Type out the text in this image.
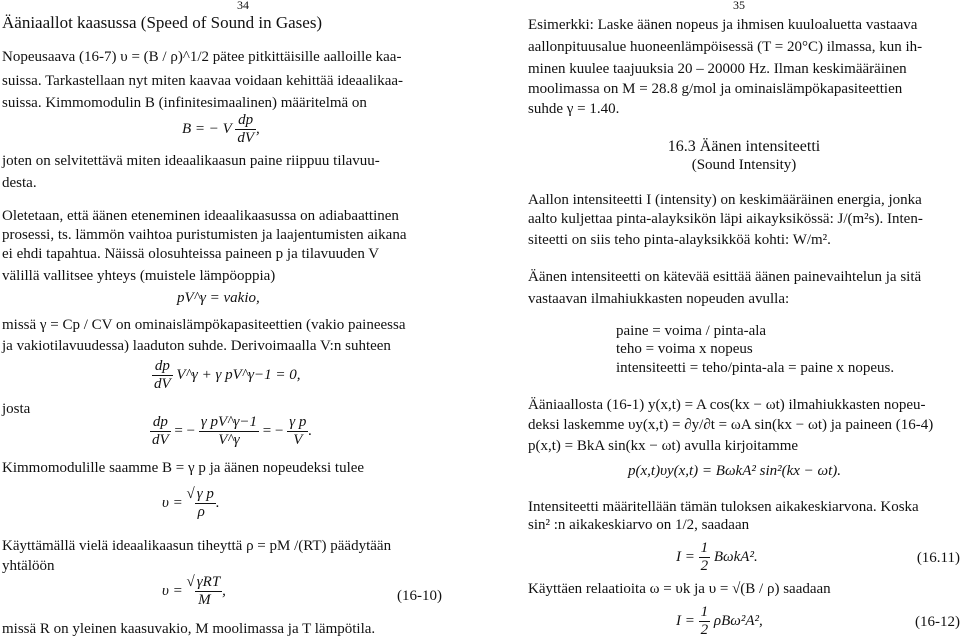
34
Ääniaallot kaasussa (Speed of Sound in Gases)
Nopeusaava (16-7) υ = (B / ρ)^1/2 pätee pitkittäisille aalloille kaa-
suissa. Tarkastellaan nyt miten kaavaa voidaan kehittää ideaalikaa-
suissa. Kimmomodulin B (infinitesimaalinen) määritelmä on
B = − V $\frac{dp}{dV}$ ,
joten on selvitettävä miten ideaalikaasun paine riippuu tilavuu-
desta.
Oletetaan, että äänen eteneminen ideaalikaasussa on adiabaattinen
prosessi, ts. lämmön vaihtoa puristumisten ja laajentumisten aikana
ei ehdi tapahtua. Näissä olosuhteissa paineen p ja tilavuuden V
välillä vallitsee yhteys (muistele lämpöoppia)
pV^γ = vakio,
missä γ = Cp / CV on ominaislämpökapasiteettien (vakio paineessa
ja vakiotilavuudessa) laaduton suhde. Derivoimaalla V:n suhteen
$\frac{dp}{dV}$ V^γ + γ pV^γ−1 = 0,
josta
$\frac{dp}{dV}$ = − $\frac{\text{γ pV\textasciicircum{}γ−1}}{V\^{}\gamma}$ = − $\frac{\text{γ p}}{V}$ .
Kimmomodulille saamme B = γ p ja äänen nopeudeksi tulee
υ = √ γ p
ρ
.
Käyttämällä vielä ideaalikaasun tiheyttä ρ = pM /(RT) päädytään
yhtälöön
υ = √ γRT
M
,	(16-10)
missä R on yleinen kaasuvakio, M moolimassa ja T lämpötila.
35
Esimerkki: Laske äänen nopeus ja ihmisen kuuloaluetta vastaava
aallonpituusalue huoneenlämpöisessä (T = 20°C) ilmassa, kun ih-
minen kuulee taajuuksia 20 – 20000 Hz. Ilman keskimääräinen
moolimassa on M = 28.8 g/mol ja ominaislämpökapasiteettien
suhde γ = 1.40.
16.3 Äänen intensiteetti
(Sound Intensity)
Aallon intensiteetti I (intensity) on keskimääräinen energia, jonka
aalto kuljettaa pinta-alayksikön läpi aikayksikössä: J/(m²s). Inten-
siteetti on siis teho pinta-alayksikköä kohti: W/m².
Äänen intensiteetti on kätevää esittää äänen painevaihtelun ja sitä
vastaavan ilmahiukkasten nopeuden avulla:
paine = voima / pinta-ala
teho = voima x nopeus
intensiteetti = teho/pinta-ala = paine x nopeus.
Ääniaallosta (16-1) y(x,t) = A cos(kx − ωt) ilmahiukkasten nopeu-
deksi laskemme υy(x,t) = ∂y/∂t = ωA sin(kx − ωt) ja paineen (16-4)
p(x,t) = BkA sin(kx − ωt) avulla kirjoitamme
p(x,t)υy(x,t) = BωkA² sin²(kx − ωt).
Intensiteetti määritellään tämän tuloksen aikakeskiarvona. Koska
sin² :n aikakeskiarvo on 1/2, saadaan
$I = \frac{1}{2} B\omega kA^2$.	(16.11)
Käyttäen relaatioita ω = υk ja υ = √(B / ρ) saadaan
$I = \frac{1}{2} \rho B\omega^2A^2$,	(16-12)
